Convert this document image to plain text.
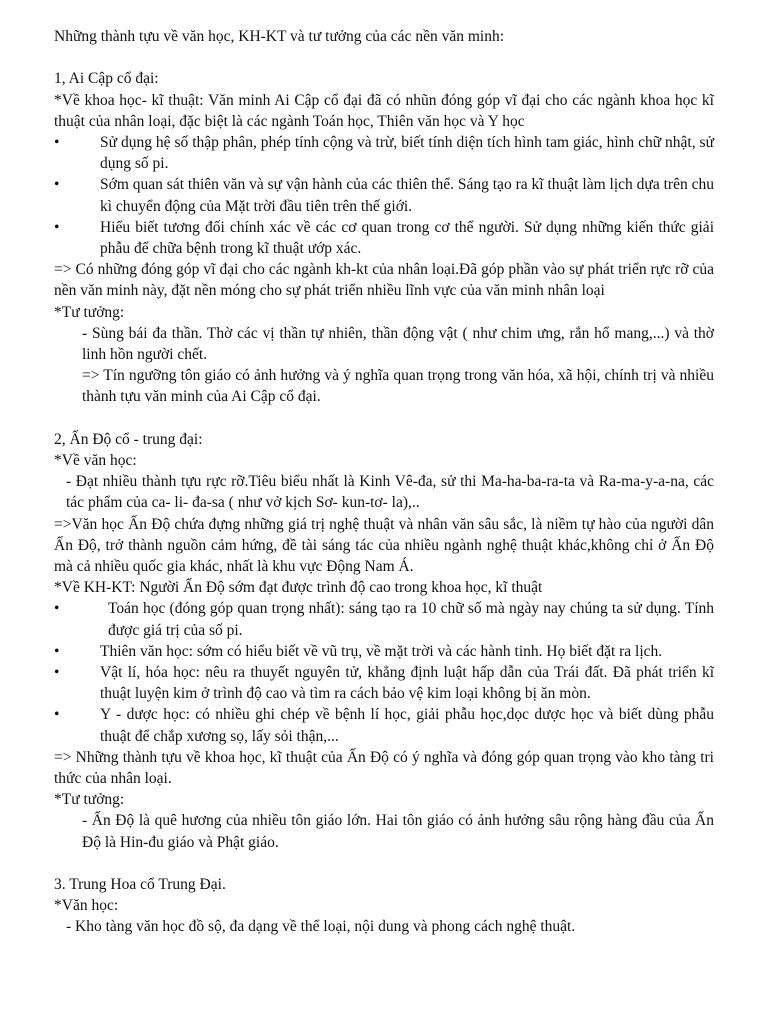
Những thành tựu về văn học, KH-KT và tư tưởng của các nền văn minh:

1, Ai Cập cổ đại:

*Về khoa học- kĩ thuật: Văn minh Ai Cập cổ đại đã có nhũn đóng góp vĩ đại cho các ngành khoa học kĩ thuật của nhân loại, đặc biệt là các ngành Toán học, Thiên văn học và Y học

•	Sử dụng hệ số thập phân, phép tính cộng và trừ, biết tính diện tích hình tam giác, hình chữ nhật, sử dụng số pi.
•	Sớm quan sát thiên văn và sự vận hành của các thiên thể. Sáng tạo ra kĩ thuật làm lịch dựa trên chu kì chuyển động của Mặt trời đầu tiên trên thế giới.
•	Hiểu biết tương đối chính xác về các cơ quan trong cơ thể người. Sử dụng những kiến thức giải phẫu để chữa bệnh trong kĩ thuật ướp xác.

=> Có những đóng góp vĩ đại cho các ngành kh-kt của nhân loại.Đã góp phần vào sự phát triển rực rỡ của nền văn minh này, đặt nền móng cho sự phát triển nhiều lĩnh vực của văn minh nhân loại

*Tư tưởng:

- Sùng bái đa thần. Thờ các vị thần tự nhiên, thần động vật ( như chim ưng, rắn hổ mang,...) và thờ linh hồn người chết.

=> Tín ngưỡng tôn giáo có ảnh hưởng và ý nghĩa quan trọng trong văn hóa, xã hội, chính trị và nhiều thành tựu văn minh của Ai Cập cổ đại.

2, Ấn Độ cổ - trung đại:

*Về văn học:

- Đạt nhiều thành tựu rực rỡ.Tiêu biểu nhất là Kinh Vê-đa, sử thi Ma-ha-ba-ra-ta và Ra-ma-y-a-na, các tác phẩm của ca- li- đa-sa ( như vở kịch Sơ- kun-tơ- la),..

=>Văn học Ấn Độ chứa đựng những giá trị nghệ thuật và nhân văn sâu sắc, là niềm tự hào của người dân Ấn Độ, trở thành nguồn cảm hứng, đề tài sáng tác của nhiều ngành nghệ thuật khác,không chỉ ở Ấn Độ mà cả nhiều quốc gia khác, nhất là khu vực Động Nam Á.

*Về KH-KT: Người Ấn Độ sớm đạt được trình độ cao trong khoa học, kĩ thuật

•	Toán học (đóng góp quan trọng nhất): sáng tạo ra 10 chữ số mà ngày nay chúng ta sử dụng. Tính được giá trị của số pi.
•	Thiên văn học: sớm có hiểu biết về vũ trụ, về mặt trời và các hành tinh. Họ biết đặt ra lịch.
•	Vật lí, hóa học: nêu ra thuyết nguyên tử, khẳng định luật hấp dẫn của Trái đất. Đã phát triển kĩ thuật luyện kim ở trình độ cao và tìm ra cách bảo vệ kim loại không bị ăn mòn.
•	Y - dược học: có nhiều ghi chép về bệnh lí học, giải phẫu học,dọc dược học và biết dùng phẫu thuật để chắp xương sọ, lấy sỏi thận,...

=> Những thành tựu về khoa học, kĩ thuật của Ấn Độ có ý nghĩa và đóng góp quan trọng vào kho tàng tri thức của nhân loại.

*Tư tưởng:

- Ấn Độ là quê hương của nhiều tôn giáo lớn. Hai tôn giáo có ảnh hưởng sâu rộng hàng đầu của Ấn Độ là Hin-đu giáo và Phật giáo.

3. Trung Hoa cổ Trung Đại.

*Văn học:

- Kho tàng văn học đồ sộ, đa dạng về thể loại, nội dung và phong cách nghệ thuật.
